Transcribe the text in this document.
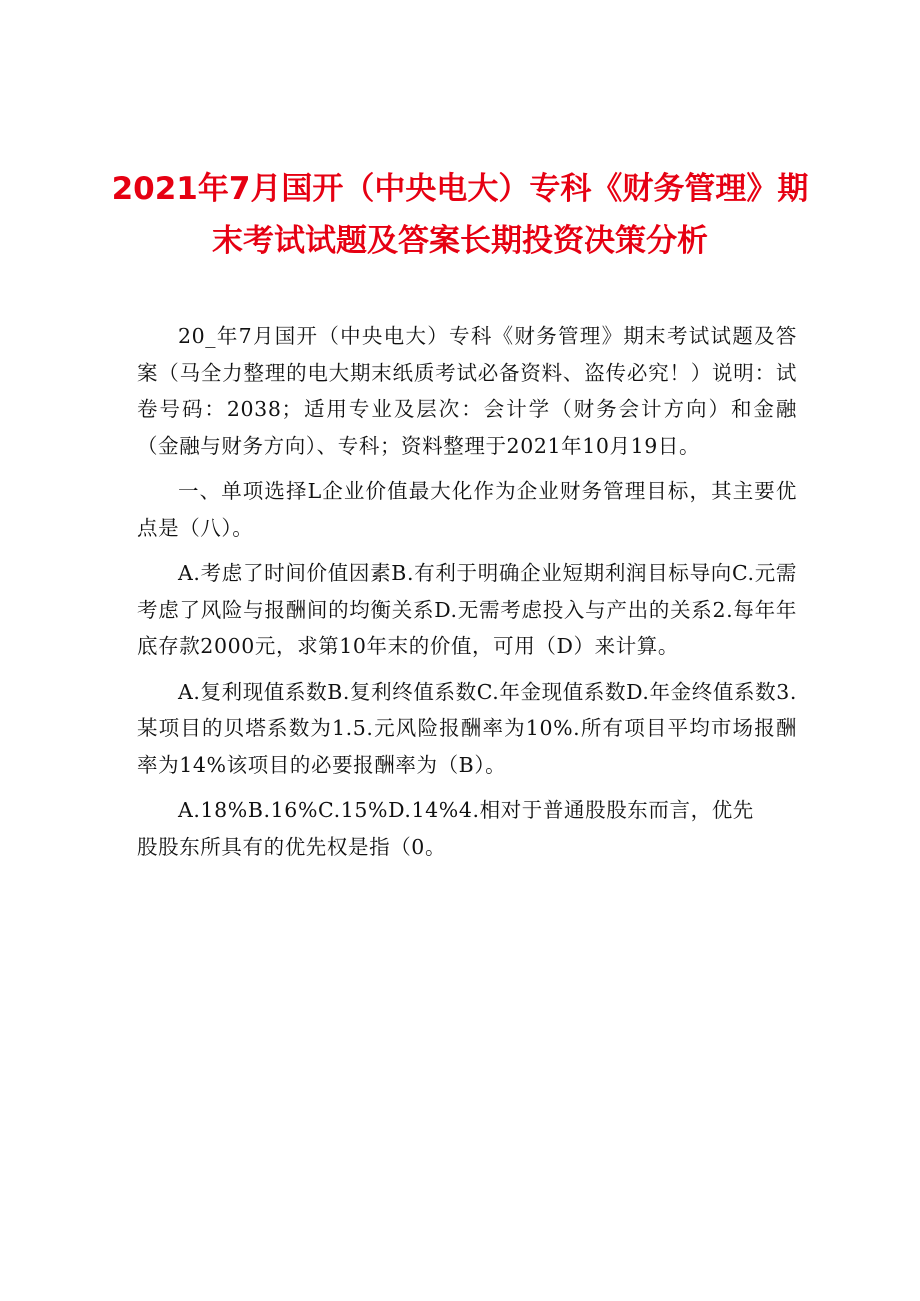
2021年7月国开（中央电大）专科《财务管理》期末考试试题及答案长期投资决策分析

20_年7月国开（中央电大）专科《财务管理》期末考试试题及答案（马全力整理的电大期末纸质考试必备资料、盗传必究！）说明：试卷号码：2038；适用专业及层次：会计学（财务会计方向）和金融（金融与财务方向）、专科；资料整理于2021年10月19日。

一、单项选择L企业价值最大化作为企业财务管理目标，其主要优点是（八）。

A.考虑了时间价值因素B.有利于明确企业短期利润目标导向C.元需考虑了风险与报酬间的均衡关系D.无需考虑投入与产出的关系2.每年年底存款2000元，求第10年末的价值，可用（D）来计算。

A.复利现值系数B.复利终值系数C.年金现值系数D.年金终值系数3.某项目的贝塔系数为1.5.元风险报酬率为10%.所有项目平均市场报酬率为14%该项目的必要报酬率为（B）。

A.18%B.16%C.15%D.14%4.相对于普通股股东而言，优先
股股东所具有的优先权是指（0。
